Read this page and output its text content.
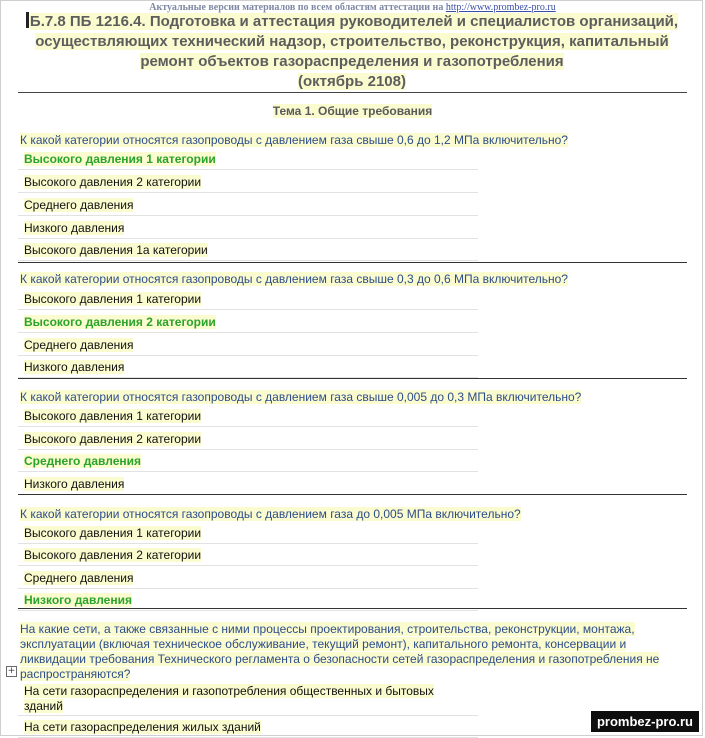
Актуальные версии материалов по всем областям аттестации на http://www.prombez-pro.ru
Б.7.8 ПБ 1216.4. Подготовка и аттестация руководителей и специалистов организаций,
осуществляющих технический надзор, строительство, реконструкция, капитальный
ремонт объектов газораспределения и газопотребления
(октябрь 2108)
Тема 1. Общие требования
К какой категории относятся газопроводы с давлением газа свыше 0,6 до 1,2 МПа включительно?
Высокого давления 1 категории
Высокого давления 2 категории
Среднего давления
Низкого давления
Высокого давления 1а категории
К какой категории относятся газопроводы с давлением газа свыше 0,3 до 0,6 МПа включительно?
Высокого давления 1 категории
Высокого давления 2 категории
Среднего давления
Низкого давления
К какой категории относятся газопроводы с давлением газа свыше 0,005 до 0,3 МПа включительно?
Высокого давления 1 категории
Высокого давления 2 категории
Среднего давления
Низкого давления
К какой категории относятся газопроводы с давлением газа до 0,005 МПа включительно?
Высокого давления 1 категории
Высокого давления 2 категории
Среднего давления
Низкого давления
На какие сети, а также связанные с ними процессы проектирования, строительства, реконструкции, монтажа,
эксплуатации (включая техническое обслуживание, текущий ремонт), капитального ремонта, консервации и
ликвидации требования Технического регламента о безопасности сетей газораспределения и газопотребления не
распространяются?
+
На сети газораспределения и газопотребления общественных и бытовых
зданий
На сети газораспределения жилых зданий	prombez-pro.ru
